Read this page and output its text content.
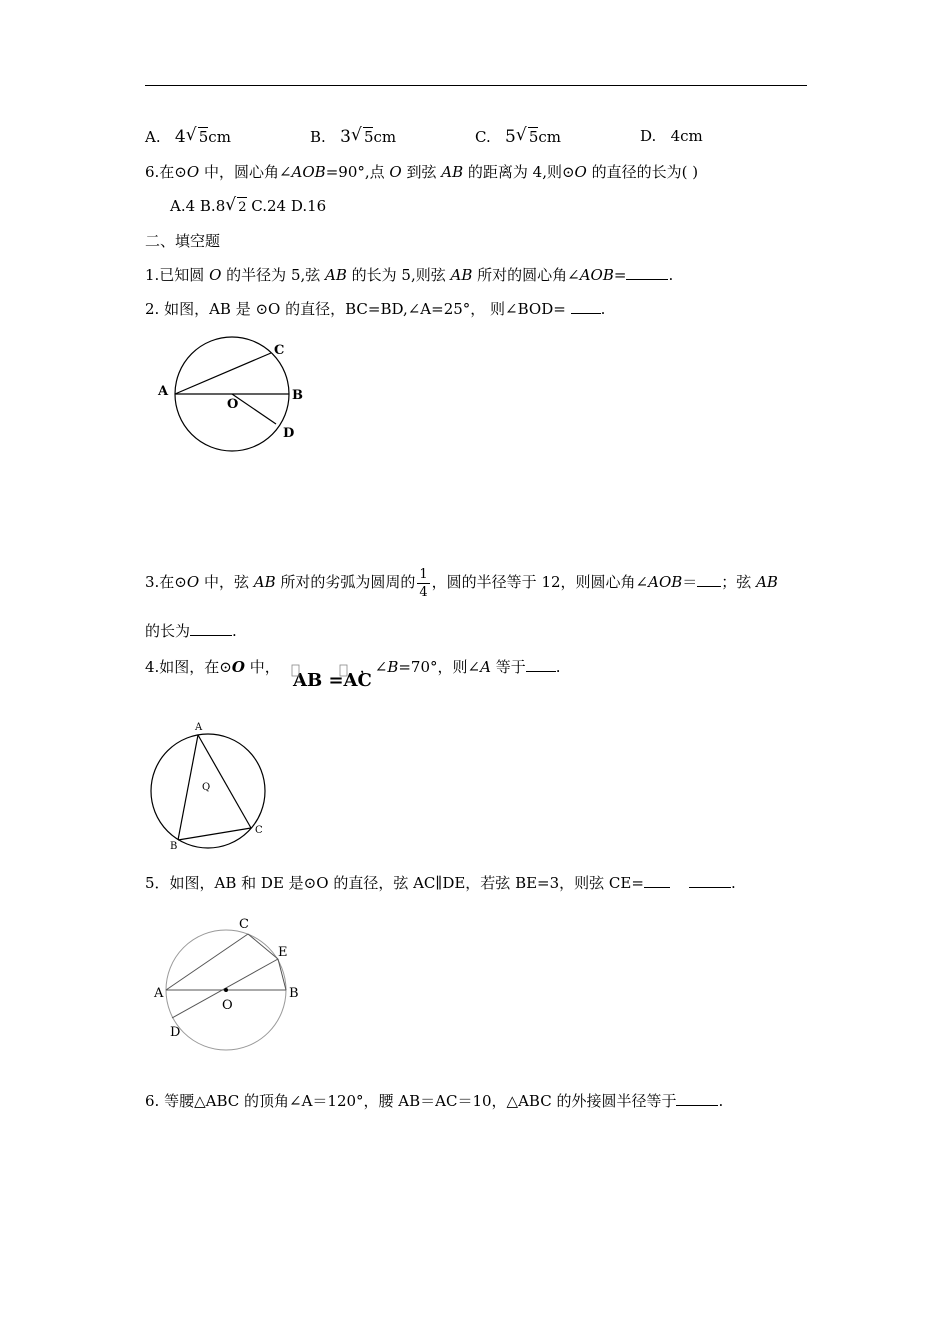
A. 4 √ 5cm	B. 3 √ 5cm	C. 5 √ 5cm	D. 4cm
6.在⊙O 中，圆心角∠AOB=90°,点 O 到弦 AB 的距离为 4,则⊙O 的直径的长为( )
A.4 B.8 √ 2 C.24 D.16
二、填空题
1.已知圆 O 的半径为 5,弦 AB 的长为 5,则弦 AB 所对的圆心角∠AOB=	.
2. 如图，AB 是 ⊙O 的直径，BC=BD,∠A=25°， 则∠BOD= .
A	B
C
D
O
3.在⊙O 中，弦 AB 所对的劣弧为圆周的 $\frac{1}{4}$ ，圆的半径等于 12，则圆心角∠AOB＝ ；弦 AB
的长为	.
4.如图，在⊙O 中，	，∠B=70°，则∠A 等于 .
AB =AC
A
B
C
Q
5．如图，AB 和 DE 是⊙O 的直径，弦 AC∥DE，若弦 BE=3，则弦 CE=	.
A	B
C
D
E
O
6. 等腰△ABC 的顶角∠A＝120°，腰 AB＝AC＝10，△ABC 的外接圆半径等于	.
